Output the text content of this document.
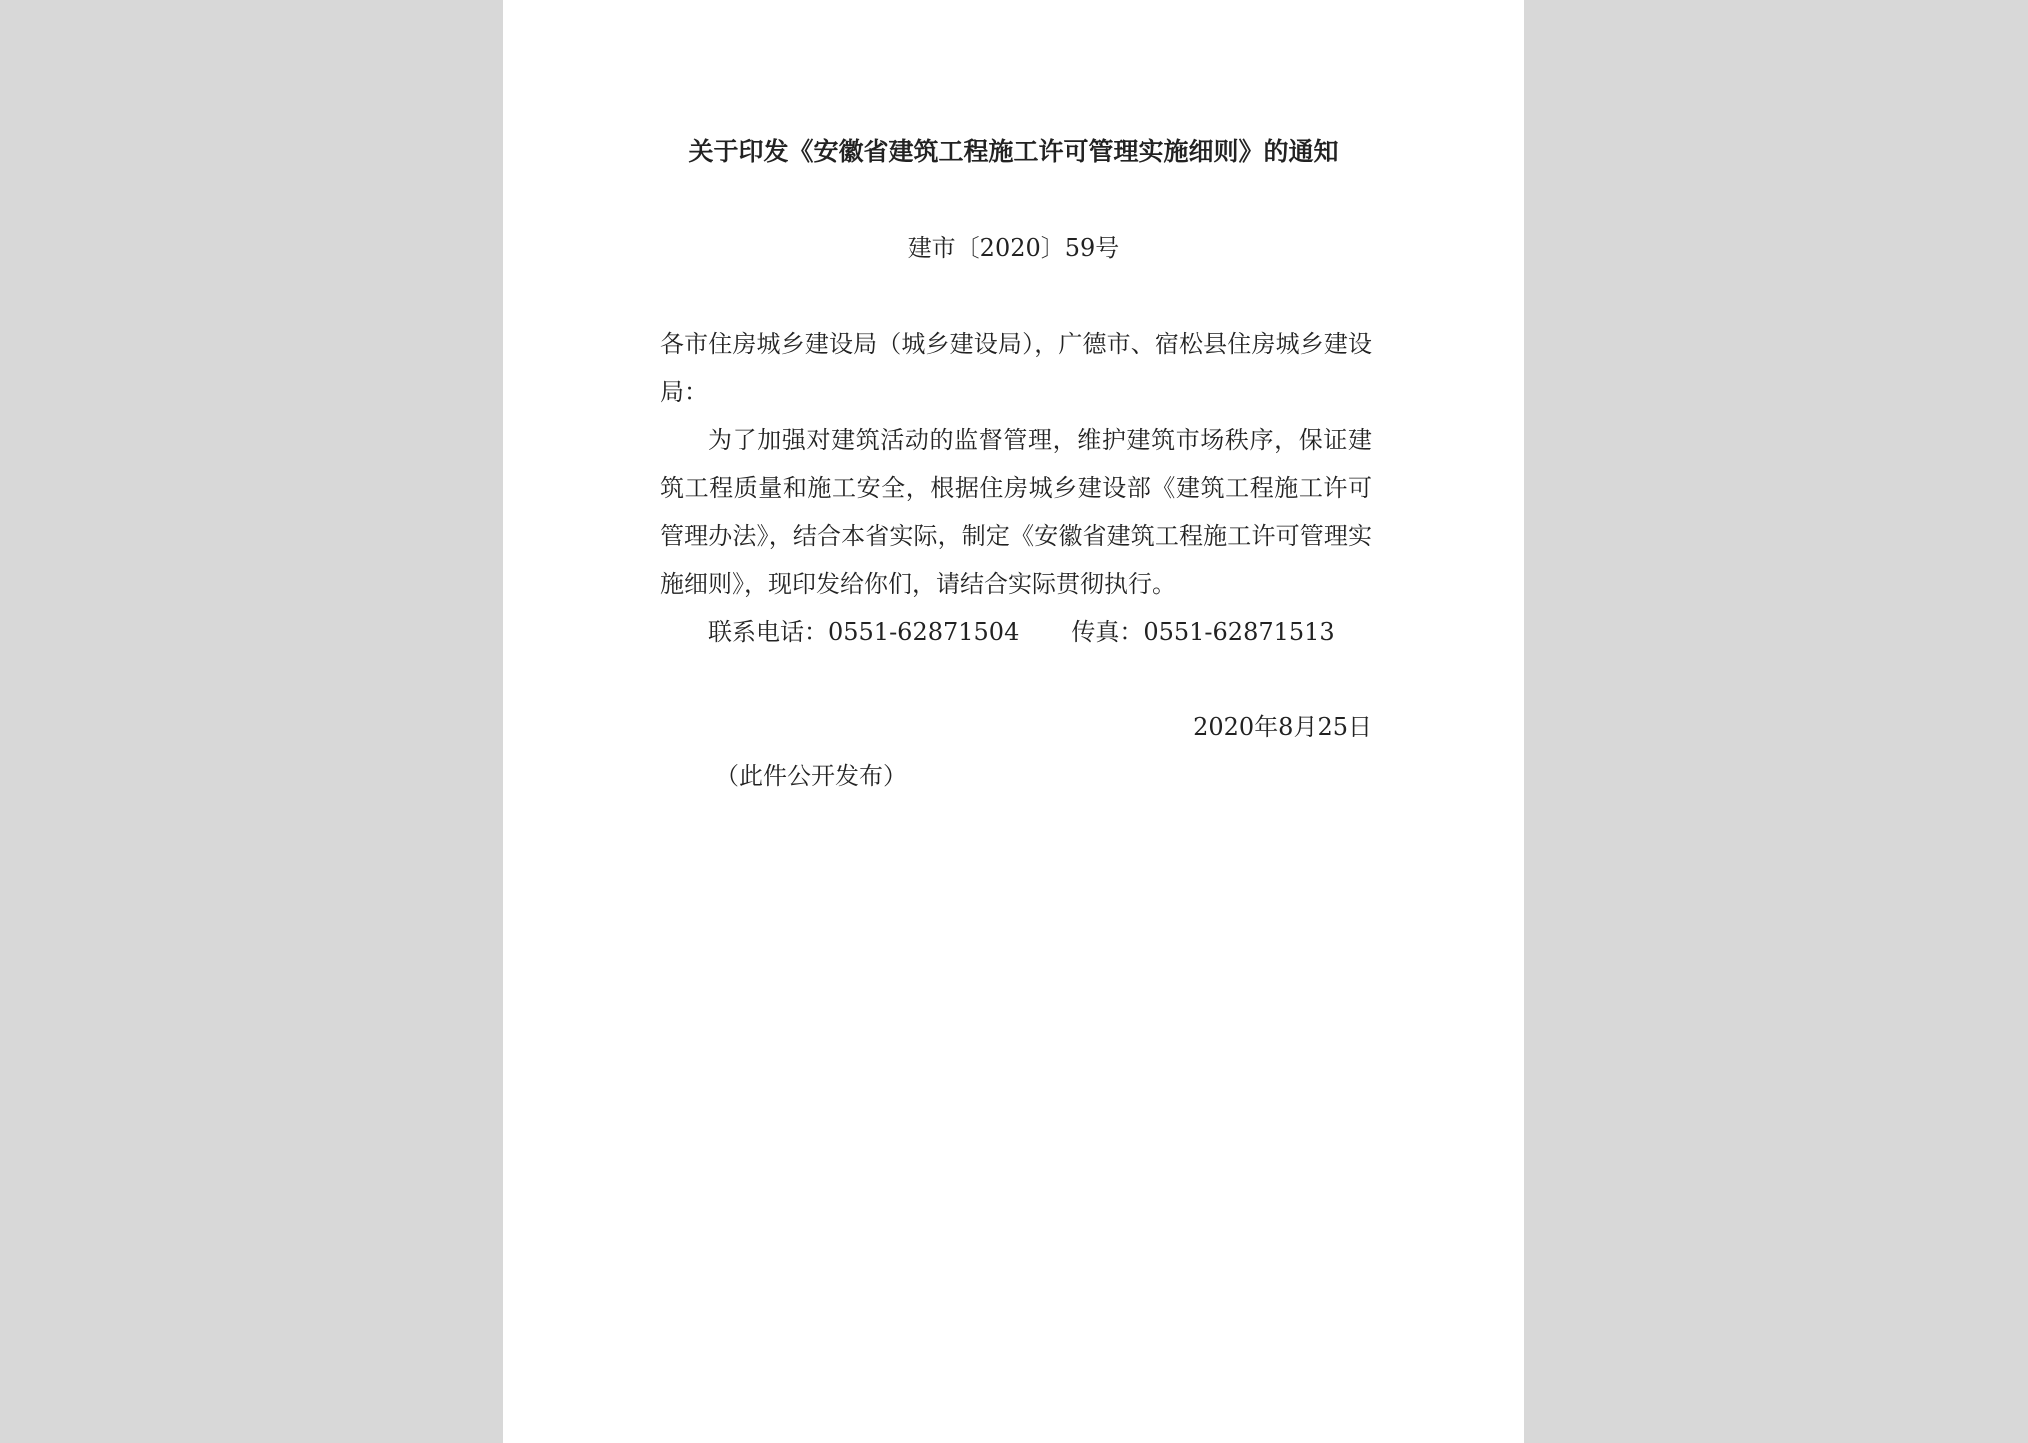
关于印发《安徽省建筑工程施工许可管理实施细则》的通知
建市〔2020〕59号
各市住房城乡建设局（城乡建设局），广德市、宿松县住房城乡建设局：
为了加强对建筑活动的监督管理，维护建筑市场秩序，保证建筑工程质量和施工安全，根据住房城乡建设部《建筑工程施工许可管理办法》，结合本省实际，制定《安徽省建筑工程施工许可管理实施细则》，现印发给你们，请结合实际贯彻执行。
联系电话：0551-62871504 传真：0551-62871513
2020年8月25日
（此件公开发布）
